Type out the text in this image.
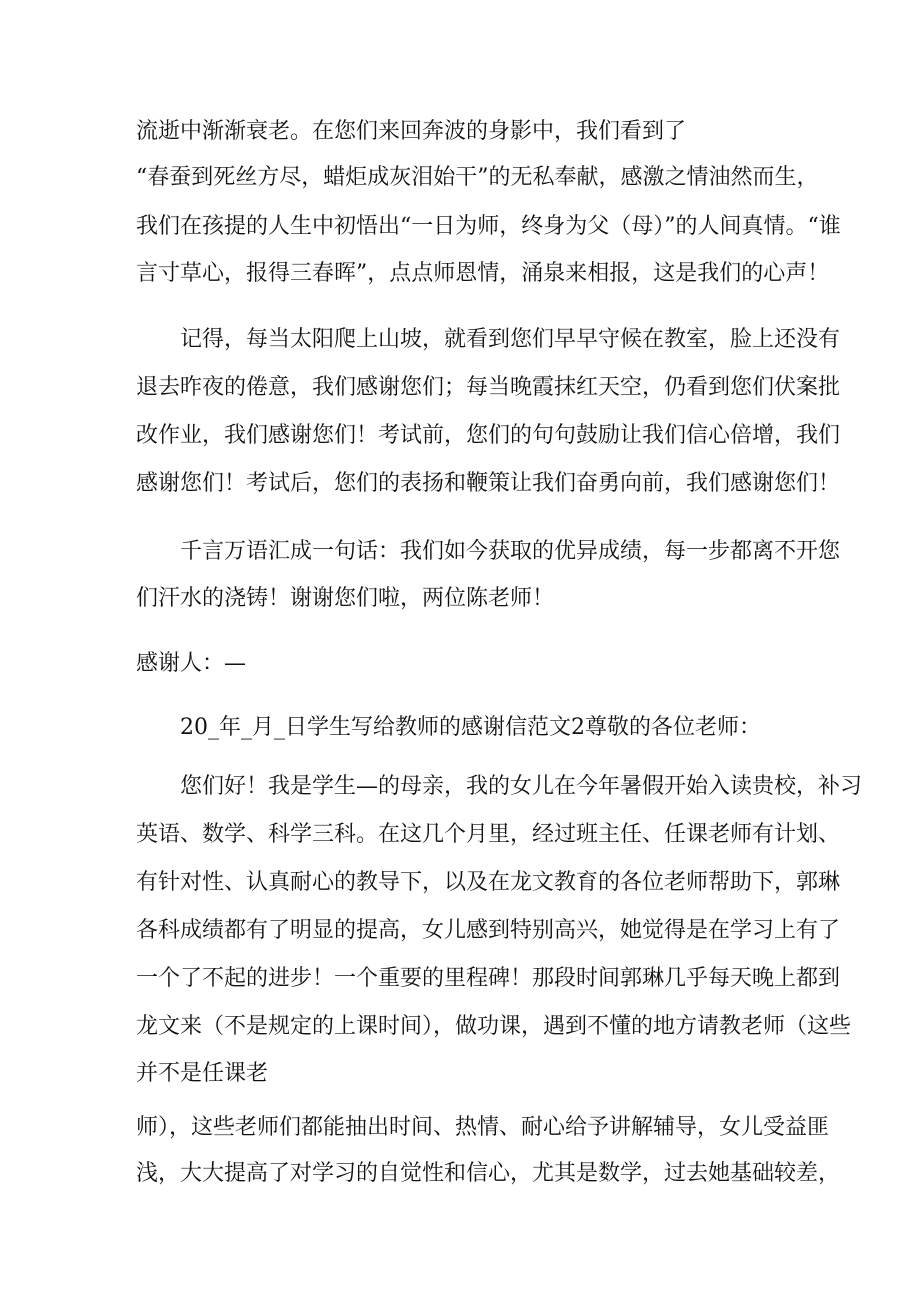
流逝中渐渐衰老。在您们来回奔波的身影中，我们看到了

“春蚕到死丝方尽，蜡炬成灰泪始干”的无私奉献，感激之情油然而生，

我们在孩提的人生中初悟出“一日为师，终身为父（母）”的人间真情。“谁

言寸草心，报得三春晖”，点点师恩情，涌泉来相报，这是我们的心声！

记得，每当太阳爬上山坡，就看到您们早早守候在教室，脸上还没有

退去昨夜的倦意，我们感谢您们；每当晚霞抹红天空，仍看到您们伏案批

改作业，我们感谢您们！考试前，您们的句句鼓励让我们信心倍增，我们

感谢您们！考试后，您们的表扬和鞭策让我们奋勇向前，我们感谢您们！

千言万语汇成一句话：我们如今获取的优异成绩，每一步都离不开您

们汗水的浇铸！谢谢您们啦，两位陈老师！

感谢人：—

20_年_月_日学生写给教师的感谢信范文2尊敬的各位老师：

您们好！我是学生—的母亲，我的女儿在今年暑假开始入读贵校，补习

英语、数学、科学三科。在这几个月里，经过班主任、任课老师有计划、

有针对性、认真耐心的教导下，以及在龙文教育的各位老师帮助下，郭琳

各科成绩都有了明显的提高，女儿感到特别高兴，她觉得是在学习上有了

一个了不起的进步！一个重要的里程碑！那段时间郭琳几乎每天晚上都到

龙文来（不是规定的上课时间），做功课，遇到不懂的地方请教老师（这些

并不是任课老

师），这些老师们都能抽出时间、热情、耐心给予讲解辅导，女儿受益匪

浅，大大提高了对学习的自觉性和信心，尤其是数学，过去她基础较差，
